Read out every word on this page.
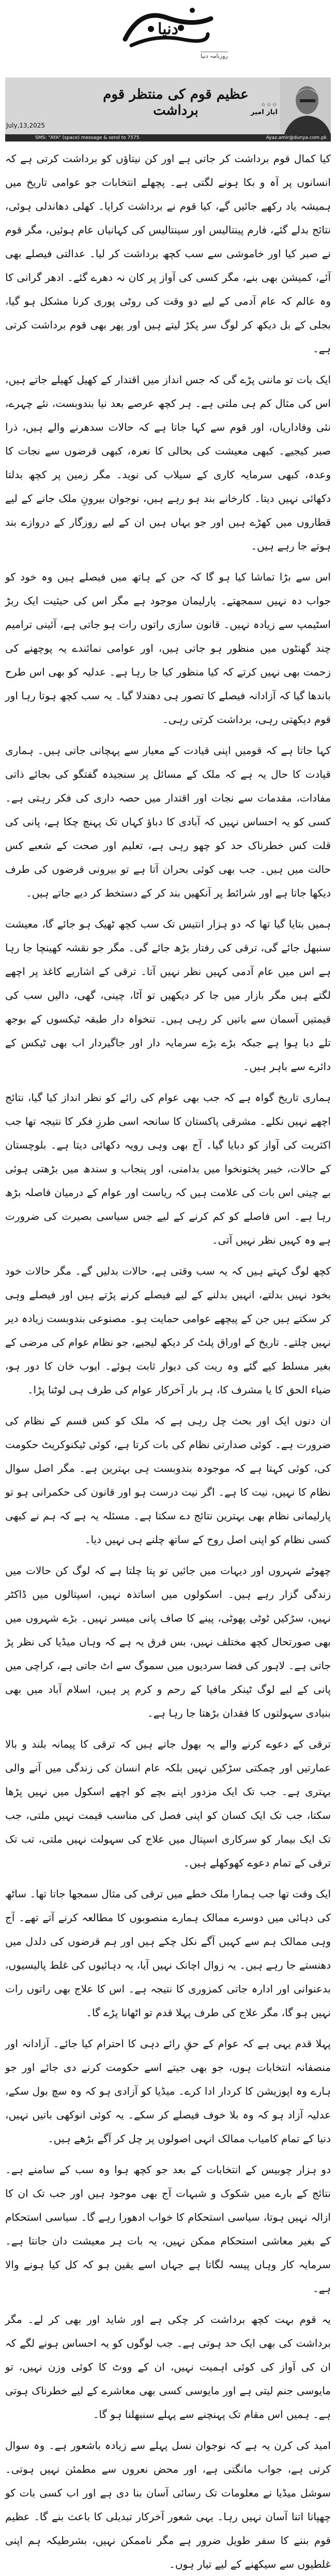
دنیا
روزنامہ دنیا
عظیم قوم کی منتظر قوم برداشت	☆☆☆
ایاز امیر
July,13,2025
SMS: "AYA" (space) message & send to 7575	Ayaz.amir@dunya.com.pk

کیا کمال قوم برداشت کر جاتی ہے اور کن نیتاؤں کو برداشت کرتی ہے کہ انسانوں پر آہ و بکا ہونے لگتی ہے۔ پچھلے انتخابات جو عوامی تاریخ میں ہمیشہ یاد رکھے جائیں گے، کیا قوم نے برداشت کرایا۔ کھلی دھاندلی ہوئی، نتائج بدلے گئے، فارم پینتالیس اور سینتالیس کی کہانیاں عام ہوئیں، مگر قوم نے صبر کیا اور خاموشی سے سب کچھ برداشت کر لیا۔ عدالتی فیصلے بھی آئے، کمیشن بھی بنے، مگر کسی کی آواز پر کان نہ دھرے گئے۔ ادھر گرانی کا وہ عالم کہ عام آدمی کے لیے دو وقت کی روٹی پوری کرنا مشکل ہو گیا، بجلی کے بل دیکھ کر لوگ سر پکڑ لیتے ہیں اور پھر بھی قوم برداشت کرتی ہے۔

ایک بات تو ماننی پڑے گی کہ جس انداز میں اقتدار کے کھیل کھیلے جاتے ہیں، اس کی مثال کم ہی ملتی ہے۔ ہر کچھ عرصے بعد نیا بندوبست، نئے چہرے، نئی وفاداریاں، اور قوم سے کہا جاتا ہے کہ حالات سدھرنے والے ہیں، ذرا صبر کیجیے۔ کبھی معیشت کی بحالی کا نعرہ، کبھی قرضوں سے نجات کا وعدہ، کبھی سرمایہ کاری کے سیلاب کی نوید۔ مگر زمین پر کچھ بدلتا دکھائی نہیں دیتا۔ کارخانے بند ہو رہے ہیں، نوجوان بیرونِ ملک جانے کے لیے قطاروں میں کھڑے ہیں اور جو یہاں ہیں ان کے لیے روزگار کے دروازے بند ہوتے جا رہے ہیں۔

اس سے بڑا تماشا کیا ہو گا کہ جن کے ہاتھ میں فیصلے ہیں وہ خود کو جواب دہ نہیں سمجھتے۔ پارلیمان موجود ہے مگر اس کی حیثیت ایک ربڑ اسٹیمپ سے زیادہ نہیں۔ قانون سازی راتوں رات ہو جاتی ہے، آئینی ترامیم چند گھنٹوں میں منظور ہو جاتی ہیں، اور عوامی نمائندے یہ پوچھنے کی زحمت بھی نہیں کرتے کہ کیا منظور کیا جا رہا ہے۔ عدلیہ کو بھی اس طرح باندھا گیا کہ آزادانہ فیصلے کا تصور ہی دھندلا گیا۔ یہ سب کچھ ہوتا رہا اور قوم دیکھتی رہی، برداشت کرتی رہی۔

کہا جاتا ہے کہ قومیں اپنی قیادت کے معیار سے پہچانی جاتی ہیں۔ ہماری قیادت کا حال یہ ہے کہ ملک کے مسائل پر سنجیدہ گفتگو کی بجائے ذاتی مفادات، مقدمات سے نجات اور اقتدار میں حصہ داری کی فکر رہتی ہے۔ کسی کو یہ احساس نہیں کہ آبادی کا دباؤ کہاں تک پہنچ چکا ہے، پانی کی قلت کس خطرناک حد کو چھو رہی ہے، تعلیم اور صحت کے شعبے کس حالت میں ہیں۔ جب بھی کوئی بحران آتا ہے تو بیرونی قرضوں کی طرف دیکھا جاتا ہے اور شرائط پر آنکھیں بند کر کے دستخط کر دیے جاتے ہیں۔

ہمیں بتایا گیا تھا کہ دو ہزار انتیس تک سب کچھ ٹھیک ہو جائے گا، معیشت سنبھل جائے گی، ترقی کی رفتار بڑھ جائے گی۔ مگر جو نقشہ کھینچا جا رہا ہے اس میں عام آدمی کہیں نظر نہیں آتا۔ ترقی کے اشاریے کاغذ پر اچھے لگتے ہیں مگر بازار میں جا کر دیکھیں تو آٹا، چینی، گھی، دالیں سب کی قیمتیں آسمان سے باتیں کر رہی ہیں۔ تنخواہ دار طبقہ ٹیکسوں کے بوجھ تلے دبا ہوا ہے جبکہ بڑے بڑے سرمایہ دار اور جاگیردار اب بھی ٹیکس کے دائرے سے باہر ہیں۔

ہماری تاریخ گواہ ہے کہ جب بھی عوام کی رائے کو نظر انداز کیا گیا، نتائج اچھے نہیں نکلے۔ مشرقی پاکستان کا سانحہ اسی طرزِ فکر کا نتیجہ تھا جب اکثریت کی آواز کو دبایا گیا۔ آج بھی وہی رویہ دکھائی دیتا ہے۔ بلوچستان کے حالات، خیبر پختونخوا میں بدامنی، اور پنجاب و سندھ میں بڑھتی ہوئی بے چینی اس بات کی علامت ہیں کہ ریاست اور عوام کے درمیان فاصلہ بڑھ رہا ہے۔ اس فاصلے کو کم کرنے کے لیے جس سیاسی بصیرت کی ضرورت ہے وہ کہیں نظر نہیں آتی۔

کچھ لوگ کہتے ہیں کہ یہ سب وقتی ہے، حالات بدلیں گے۔ مگر حالات خود بخود نہیں بدلتے، انہیں بدلنے کے لیے فیصلے کرنے پڑتے ہیں اور فیصلے وہی کر سکتے ہیں جن کے پیچھے عوامی حمایت ہو۔ مصنوعی بندوبست زیادہ دیر نہیں چلتے۔ تاریخ کے اوراق پلٹ کر دیکھ لیجیے، جو نظام عوام کی مرضی کے بغیر مسلط کیے گئے وہ ریت کی دیوار ثابت ہوئے۔ ایوب خان کا دور ہو، ضیاء الحق کا یا مشرف کا، ہر بار آخرکار عوام کی طرف ہی لوٹنا پڑا۔

ان دنوں ایک اور بحث چل رہی ہے کہ ملک کو کس قسم کے نظام کی ضرورت ہے۔ کوئی صدارتی نظام کی بات کرتا ہے، کوئی ٹیکنوکریٹ حکومت کی، کوئی کہتا ہے کہ موجودہ بندوبست ہی بہترین ہے۔ مگر اصل سوال نظام کا نہیں، نیت کا ہے۔ اگر نیت درست ہو اور قانون کی حکمرانی ہو تو پارلیمانی نظام بھی بہترین نتائج دے سکتا ہے۔ مسئلہ یہ ہے کہ ہم نے کبھی کسی نظام کو اپنی اصل روح کے ساتھ چلنے ہی نہیں دیا۔

چھوٹے شہروں اور دیہات میں جائیں تو پتا چلتا ہے کہ لوگ کن حالات میں زندگی گزار رہے ہیں۔ اسکولوں میں اساتذہ نہیں، اسپتالوں میں ڈاکٹر نہیں، سڑکیں ٹوٹی پھوٹی، پینے کا صاف پانی میسر نہیں۔ بڑے شہروں میں بھی صورتحال کچھ مختلف نہیں، بس فرق یہ ہے کہ وہاں میڈیا کی نظر پڑ جاتی ہے۔ لاہور کی فضا سردیوں میں سموگ سے اٹ جاتی ہے، کراچی میں پانی کے لیے لوگ ٹینکر مافیا کے رحم و کرم پر ہیں، اسلام آباد میں بھی بنیادی سہولتوں کا فقدان بڑھتا جا رہا ہے۔

ترقی کے دعوے کرنے والے یہ بھول جاتے ہیں کہ ترقی کا پیمانہ بلند و بالا عمارتیں اور چمکتی سڑکیں نہیں بلکہ عام انسان کی زندگی میں آنے والی بہتری ہے۔ جب تک ایک مزدور اپنے بچے کو اچھے اسکول میں نہیں پڑھا سکتا، جب تک ایک کسان کو اپنی فصل کی مناسب قیمت نہیں ملتی، جب تک ایک بیمار کو سرکاری اسپتال میں علاج کی سہولت نہیں ملتی، تب تک ترقی کے تمام دعوے کھوکھلے ہیں۔

ایک وقت تھا جب ہمارا ملک خطے میں ترقی کی مثال سمجھا جاتا تھا۔ ساٹھ کی دہائی میں دوسرے ممالک ہمارے منصوبوں کا مطالعہ کرنے آتے تھے۔ آج وہی ممالک ہم سے کہیں آگے نکل چکے ہیں اور ہم قرضوں کی دلدل میں دھنستے جا رہے ہیں۔ یہ زوال اچانک نہیں آیا، یہ دہائیوں کی غلط پالیسیوں، بدعنوانی اور ادارہ جاتی کمزوری کا نتیجہ ہے۔ اس کا علاج بھی راتوں رات نہیں ہو گا، مگر علاج کی طرف پہلا قدم تو اٹھانا پڑے گا۔

پہلا قدم یہی ہے کہ عوام کے حقِ رائے دہی کا احترام کیا جائے۔ آزادانہ اور منصفانہ انتخابات ہوں، جو بھی جیتے اسے حکومت کرنے دی جائے اور جو ہارے وہ اپوزیشن کا کردار ادا کرے۔ میڈیا کو آزادی ہو کہ وہ سچ بول سکے، عدلیہ آزاد ہو کہ وہ بلا خوف فیصلے کر سکے۔ یہ کوئی انوکھی باتیں نہیں، دنیا کے تمام کامیاب ممالک انہی اصولوں پر چل کر آگے بڑھے ہیں۔

دو ہزار چوبیس کے انتخابات کے بعد جو کچھ ہوا وہ سب کے سامنے ہے۔ نتائج کے بارے میں شکوک و شبہات آج بھی موجود ہیں اور جب تک ان کا ازالہ نہیں ہوتا، سیاسی استحکام کا خواب ادھورا رہے گا۔ سیاسی استحکام کے بغیر معاشی استحکام ممکن نہیں، یہ بات ہر معیشت دان جانتا ہے۔ سرمایہ کار وہاں پیسہ لگاتا ہے جہاں اسے یقین ہو کہ کل کیا ہونے والا ہے۔

یہ قوم بہت کچھ برداشت کر چکی ہے اور شاید اور بھی کر لے۔ مگر برداشت کی بھی ایک حد ہوتی ہے۔ جب لوگوں کو یہ احساس ہونے لگے کہ ان کی آواز کی کوئی اہمیت نہیں، ان کے ووٹ کا کوئی وزن نہیں، تو مایوسی جنم لیتی ہے اور مایوسی کسی بھی معاشرے کے لیے خطرناک ہوتی ہے۔ ہمیں اس مقام تک پہنچنے سے پہلے سنبھلنا ہو گا۔

امید کی کرن یہ ہے کہ نوجوان نسل پہلے سے زیادہ باشعور ہے۔ وہ سوال کرتی ہے، جواب مانگتی ہے، اور محض نعروں سے مطمئن نہیں ہوتی۔ سوشل میڈیا نے معلومات تک رسائی آسان بنا دی ہے اور اب کسی بات کو چھپانا اتنا آسان نہیں رہا۔ یہی شعور آخرکار تبدیلی کا باعث بنے گا۔ عظیم قوم بننے کا سفر طویل ضرور ہے مگر ناممکن نہیں، بشرطیکہ ہم اپنی غلطیوں سے سیکھنے کے لیے تیار ہوں۔
